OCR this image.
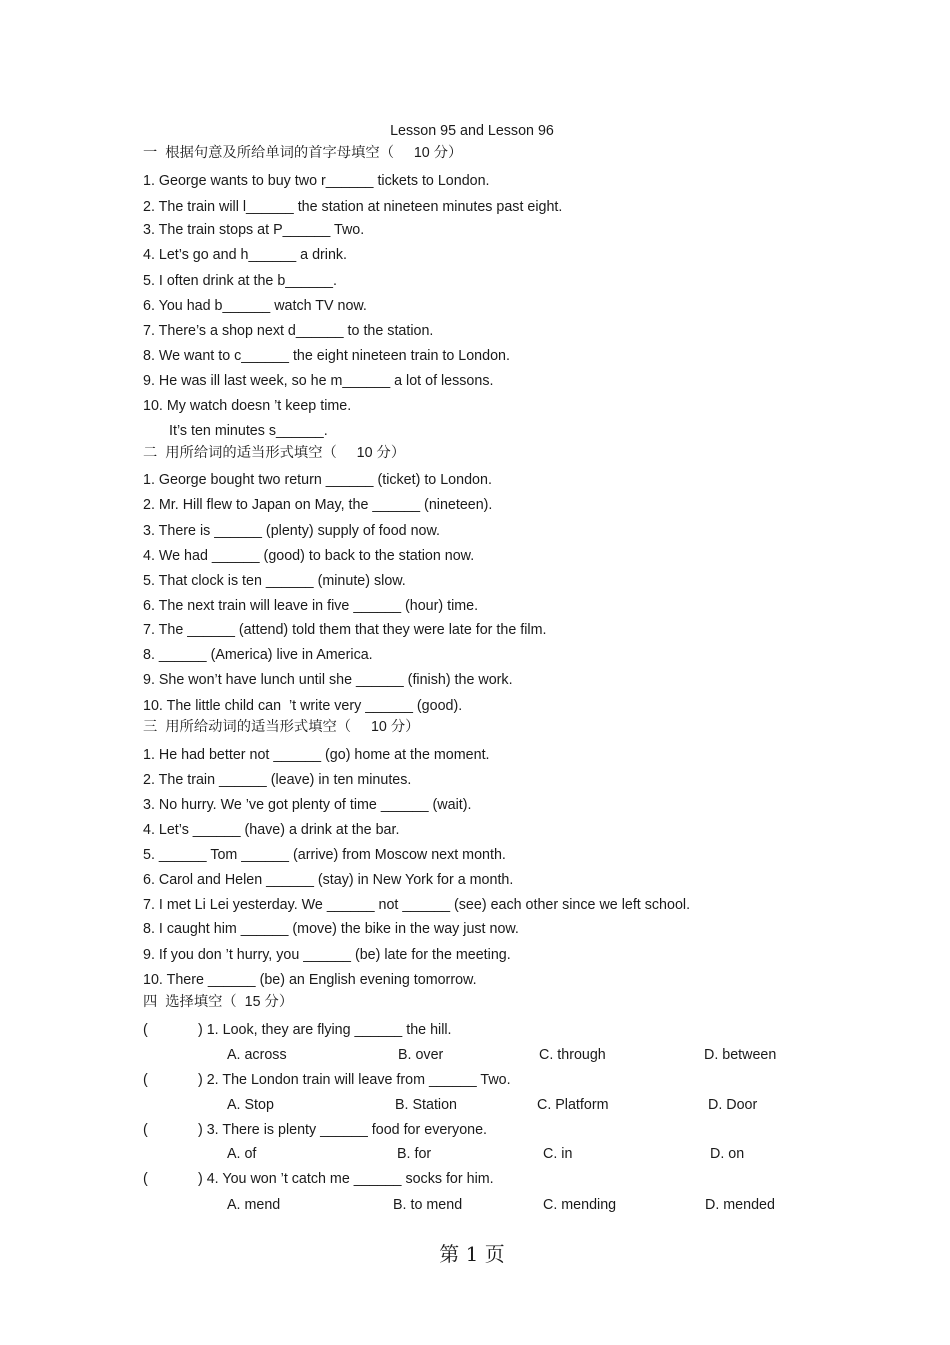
Lesson 95 and Lesson 96
一  根据句意及所给单词的首字母填空（     10 分）
1. George wants to buy two r______ tickets to London.
2. The train will l______ the station at nineteen minutes past eight.
3. The train stops at P______ Two.
4. Let’s go and h______ a drink.
5. I often drink at the b______.
6. You had b______ watch TV now.
7. There’s a shop next d______ to the station.
8. We want to c______ the eight nineteen train to London.
9. He was ill last week, so he m______ a lot of lessons.
10. My watch doesn ’t keep time.
It’s ten minutes s______.
二  用所给词的适当形式填空（     10 分）
1. George bought two return ______ (ticket) to London.
2. Mr. Hill flew to Japan on May, the ______ (nineteen).
3. There is ______ (plenty) supply of food now.
4. We had ______ (good) to back to the station now.
5. That clock is ten ______ (minute) slow.
6. The next train will leave in five ______ (hour) time.
7. The ______ (attend) told them that they were late for the film.
8. ______ (America) live in America.
9. She won’t have lunch until she ______ (finish) the work.
10. The little child can  ’t write very ______ (good).
三  用所给动词的适当形式填空（     10 分）
1. He had better not ______ (go) home at the moment.
2. The train ______ (leave) in ten minutes.
3. No hurry. We ’ve got plenty of time ______ (wait).
4. Let’s ______ (have) a drink at the bar.
5. ______ Tom ______ (arrive) from Moscow next month.
6. Carol and Helen ______ (stay) in New York for a month.
7. I met Li Lei yesterday. We ______ not ______ (see) each other since we left school.
8. I caught him ______ (move) the bike in the way just now.
9. If you don ’t hurry, you ______ (be) late for the meeting.
10. There ______ (be) an English evening tomorrow.
四  选择填空（  15 分）
(	) 1. Look, they are flying ______ the hill.
A. across	B. over	C. through	D. between
(	) 2. The London train will leave from ______ Two.
A. Stop	B. Station	C. Platform	D. Door
(	) 3. There is plenty ______ food for everyone.
A. of	B. for	C. in	D. on
(	) 4. You won ’t catch me ______ socks for him.
A. mend	B. to mend	C. mending	D. mended
第 1 页
